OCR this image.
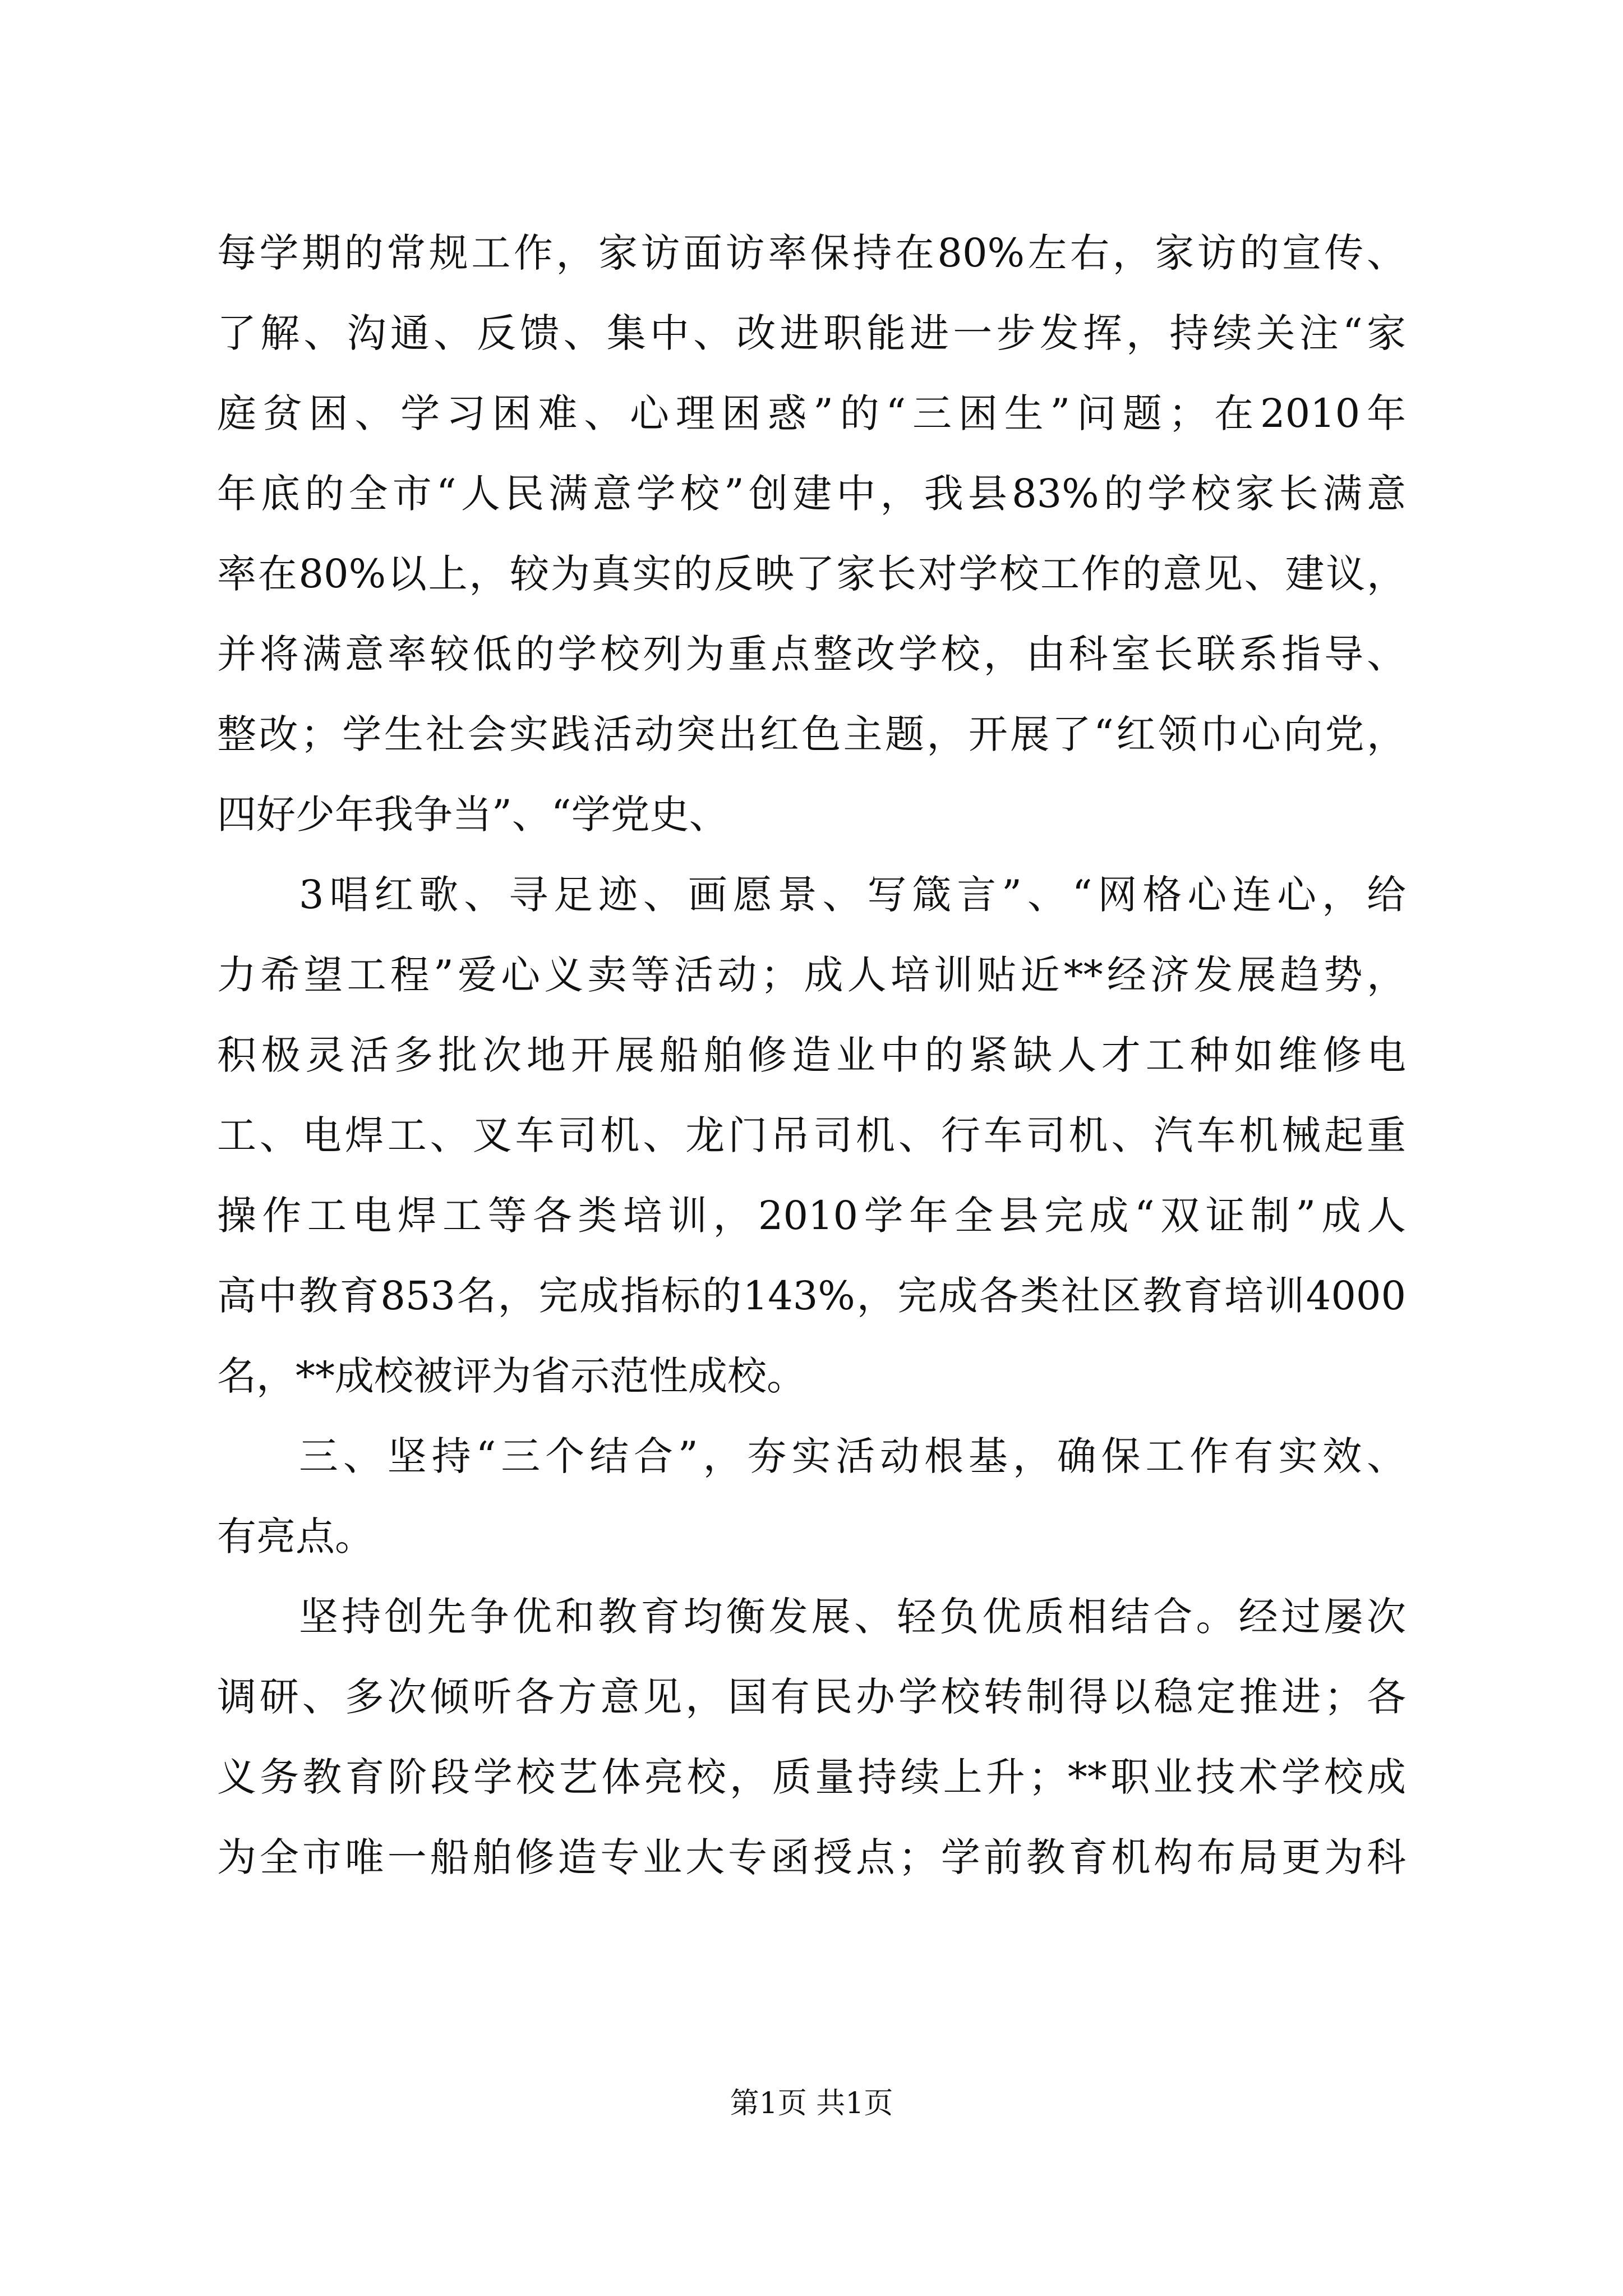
每学期的常规工作，家访面访率保持在80%左右，家访的宣传、
了解、沟通、反馈、集中、改进职能进一步发挥，持续关注“家
庭贫困、学习困难、心理困惑”的“三困生”问题；在2010年
年底的全市“人民满意学校”创建中，我县83%的学校家长满意
率在80%以上，较为真实的反映了家长对学校工作的意见、建议，
并将满意率较低的学校列为重点整改学校，由科室长联系指导、
整改；学生社会实践活动突出红色主题，开展了“红领巾心向党，
四好少年我争当”、“学党史、
3唱红歌、寻足迹、画愿景、写箴言”、“网格心连心，给
力希望工程”爱心义卖等活动；成人培训贴近**经济发展趋势，
积极灵活多批次地开展船舶修造业中的紧缺人才工种如维修电
工、电焊工、叉车司机、龙门吊司机、行车司机、汽车机械起重
操作工电焊工等各类培训，2010学年全县完成“双证制”成人
高中教育853名，完成指标的143%，完成各类社区教育培训4000
名，**成校被评为省示范性成校。
三、坚持“三个结合”，夯实活动根基，确保工作有实效、
有亮点。
坚持创先争优和教育均衡发展、轻负优质相结合。经过屡次
调研、多次倾听各方意见，国有民办学校转制得以稳定推进；各
义务教育阶段学校艺体亮校，质量持续上升；**职业技术学校成
为全市唯一船舶修造专业大专函授点；学前教育机构布局更为科
第1页 共1页
